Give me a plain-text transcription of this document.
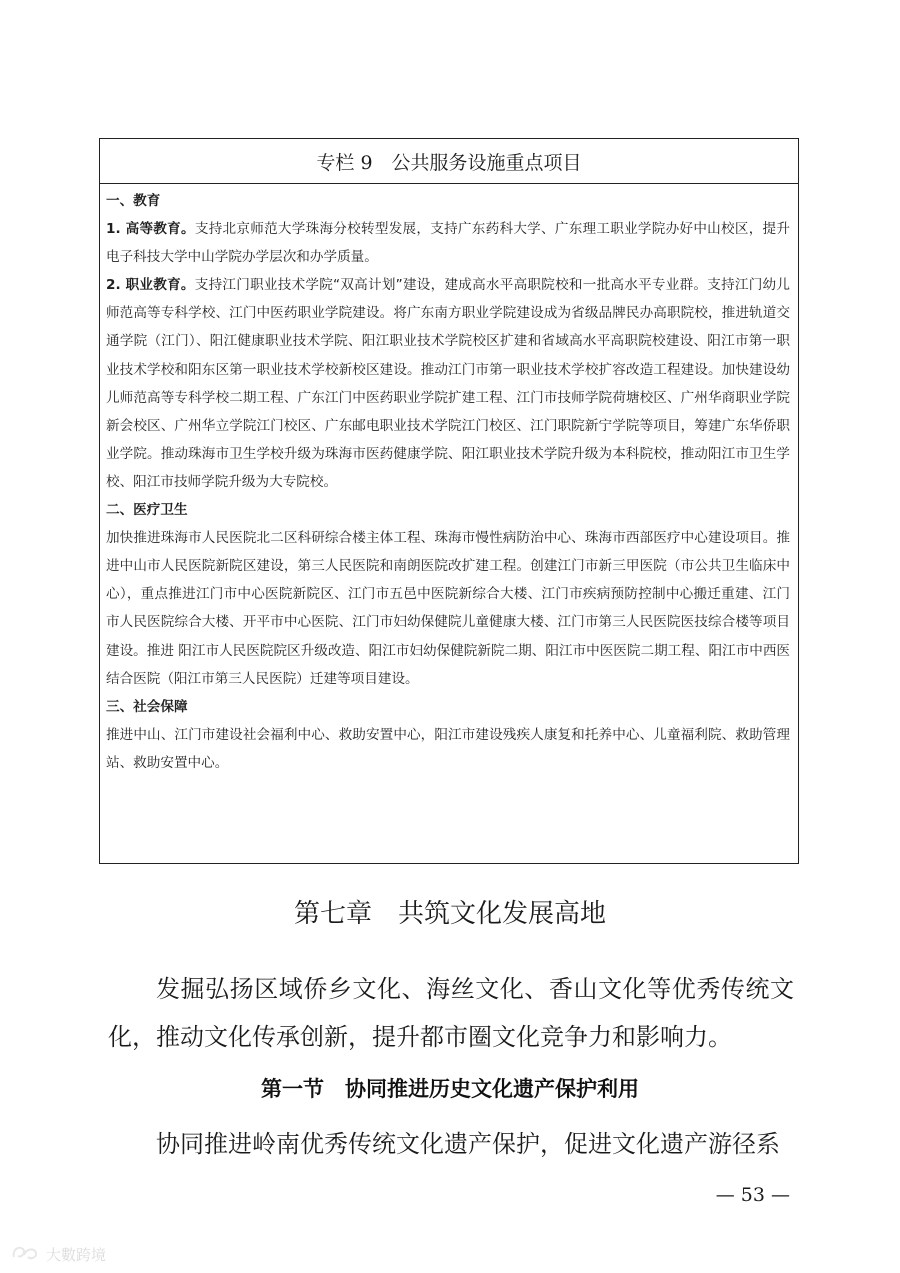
专栏 9　公共服务设施重点项目

一、教育

1. 高等教育。支持北京师范大学珠海分校转型发展，支持广东药科大学、广东理工职业学院办好中山校区，提升电子科技大学中山学院办学层次和办学质量。

2. 职业教育。支持江门职业技术学院“双高计划”建设，建成高水平高职院校和一批高水平专业群。支持江门幼儿师范高等专科学校、江门中医药职业学院建设。将广东南方职业学院建设成为省级品牌民办高职院校，推进轨道交通学院（江门）、阳江健康职业技术学院、阳江职业技术学院校区扩建和省域高水平高职院校建设、阳江市第一职业技术学校和阳东区第一职业技术学校新校区建设。推动江门市第一职业技术学校扩容改造工程建设。加快建设幼儿师范高等专科学校二期工程、广东江门中医药职业学院扩建工程、江门市技师学院荷塘校区、广州华商职业学院新会校区、广州华立学院江门校区、广东邮电职业技术学院江门校区、江门职院新宁学院等项目，筹建广东华侨职业学院。推动珠海市卫生学校升级为珠海市医药健康学院、阳江职业技术学院升级为本科院校，推动阳江市卫生学校、阳江市技师学院升级为大专院校。

二、医疗卫生

加快推进珠海市人民医院北二区科研综合楼主体工程、珠海市慢性病防治中心、珠海市西部医疗中心建设项目。推进中山市人民医院新院区建设，第三人民医院和南朗医院改扩建工程。创建江门市新三甲医院（市公共卫生临床中心），重点推进江门市中心医院新院区、江门市五邑中医院新综合大楼、江门市疾病预防控制中心搬迁重建、江门市人民医院综合大楼、开平市中心医院、江门市妇幼保健院儿童健康大楼、江门市第三人民医院医技综合楼等项目建设。推进 阳江市人民医院院区升级改造、阳江市妇幼保健院新院二期、阳江市中医医院二期工程、阳江市中西医结合医院（阳江市第三人民医院）迁建等项目建设。

三、社会保障

推进中山、江门市建设社会福利中心、救助安置中心，阳江市建设残疾人康复和托养中心、儿童福利院、救助管理站、救助安置中心。

第七章　共筑文化发展高地

发掘弘扬区域侨乡文化、海丝文化、香山文化等优秀传统文化，推动文化传承创新，提升都市圈文化竞争力和影响力。

第一节　协同推进历史文化遗产保护利用

协同推进岭南优秀传统文化遗产保护，促进文化遗产游径系

— 53 —
大數跨境
